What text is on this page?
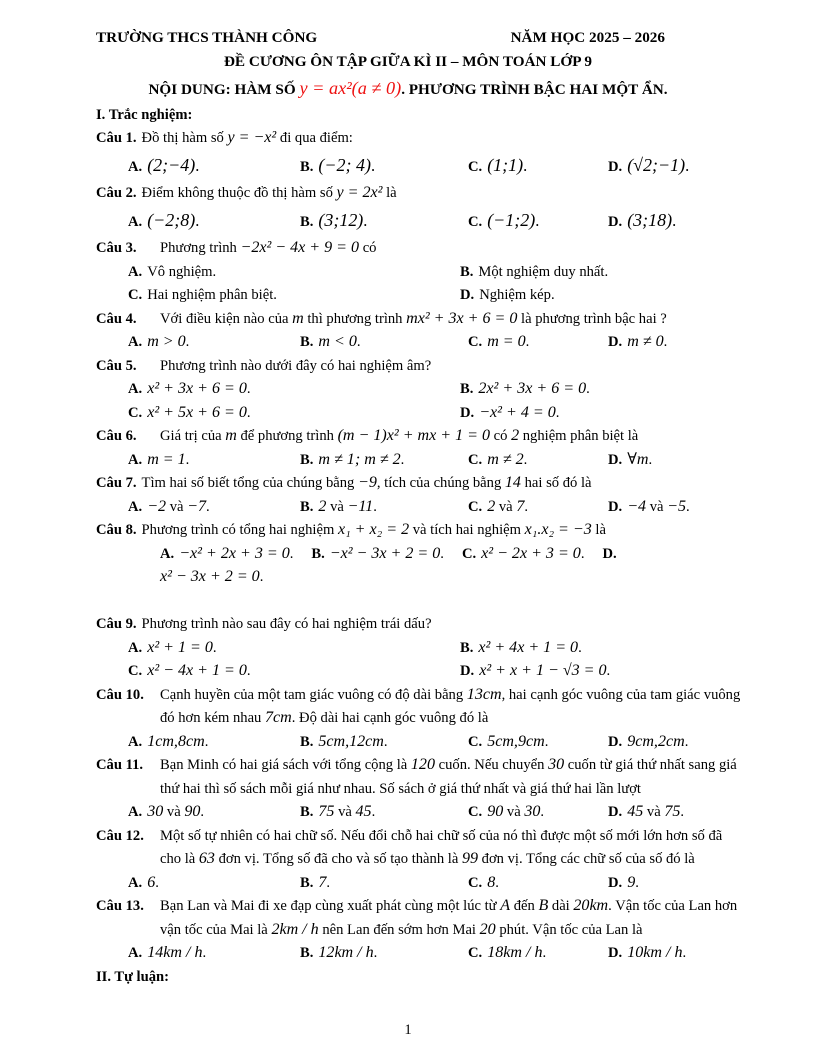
TRƯỜNG THCS THÀNH CÔNG	NĂM HỌC 2025 – 2026
ĐỀ CƯƠNG ÔN TẬP GIỮA KÌ II – MÔN TOÁN LỚP 9
NỘI DUNG: HÀM SỐ y = ax²(a ≠ 0). PHƯƠNG TRÌNH BẬC HAI MỘT ẨN.
I. Trắc nghiệm:

Câu 1. Đồ thị hàm số y = −x² đi qua điểm:

A. (2;−4).	B. (−2; 4).	C. (1;1).	D. (√2;−1).

Câu 2. Điểm không thuộc đồ thị hàm số y = 2x² là

A. (−2;8).	B. (3;12).	C. (−1;2).	D. (3;18).

Câu 3.	Phương trình −2x² − 4x + 9 = 0 có

A. Vô nghiệm.	B. Một nghiệm duy nhất.
C. Hai nghiệm phân biệt.	D. Nghiệm kép.

Câu 4.	Với điều kiện nào của m thì phương trình mx² + 3x + 6 = 0 là phương trình bậc hai ?

A. m > 0.	B. m < 0.	C. m = 0.	D. m ≠ 0.

Câu 5.	Phương trình nào dưới đây có hai nghiệm âm?

A. x² + 3x + 6 = 0.	B. 2x² + 3x + 6 = 0.
C. x² + 5x + 6 = 0.	D. −x² + 4 = 0.

Câu 6.	Giá trị của m để phương trình (m − 1)x² + mx + 1 = 0 có 2 nghiệm phân biệt là

A. m = 1.	B. m ≠ 1; m ≠ 2.	C. m ≠ 2.	D. ∀m.

Câu 7. Tìm hai số biết tổng của chúng bằng −9, tích của chúng bằng 14 hai số đó là

A. −2 và −7.	B. 2 và −11.	C. 2 và 7.	D. −4 và −5.

Câu 8. Phương trình có tổng hai nghiệm x₁ + x₂ = 2 và tích hai nghiệm x₁.x₂ = −3 là

A. −x² + 2x + 3 = 0. B. −x² − 3x + 2 = 0. C. x² − 2x + 3 = 0. D.
x² − 3x + 2 = 0.

Câu 9. Phương trình nào sau đây có hai nghiệm trái dấu?

A. x² + 1 = 0.	B. x² + 4x + 1 = 0.
C. x² − 4x + 1 = 0.	D. x² + x + 1 − √3 = 0.

Câu 10.	Cạnh huyền của một tam giác vuông có độ dài bằng 13cm, hai cạnh góc vuông của tam giác vuông đó hơn kém nhau 7cm. Độ dài hai cạnh góc vuông đó là

A. 1cm,8cm.	B. 5cm,12cm.	C. 5cm,9cm.	D. 9cm,2cm.

Câu 11.	Bạn Minh có hai giá sách với tổng cộng là 120 cuốn. Nếu chuyển 30 cuốn từ giá thứ nhất sang giá thứ hai thì số sách mỗi giá như nhau. Số sách ở giá thứ nhất và giá thứ hai lần lượt

A. 30 và 90.	B. 75 và 45.	C. 90 và 30.	D. 45 và 75.

Câu 12.	Một số tự nhiên có hai chữ số. Nếu đổi chỗ hai chữ số của nó thì được một số mới lớn hơn số đã cho là 63 đơn vị. Tổng số đã cho và số tạo thành là 99 đơn vị. Tổng các chữ số của số đó là

A. 6.	B. 7.	C. 8.	D. 9.

Câu 13.	Bạn Lan và Mai đi xe đạp cùng xuất phát cùng một lúc từ A đến B dài 20km. Vận tốc của Lan hơn vận tốc của Mai là 2km / h nên Lan đến sớm hơn Mai 20 phút. Vận tốc của Lan là

A. 14km / h.	B. 12km / h.	C. 18km / h.	D. 10km / h.
II. Tự luận:
1
